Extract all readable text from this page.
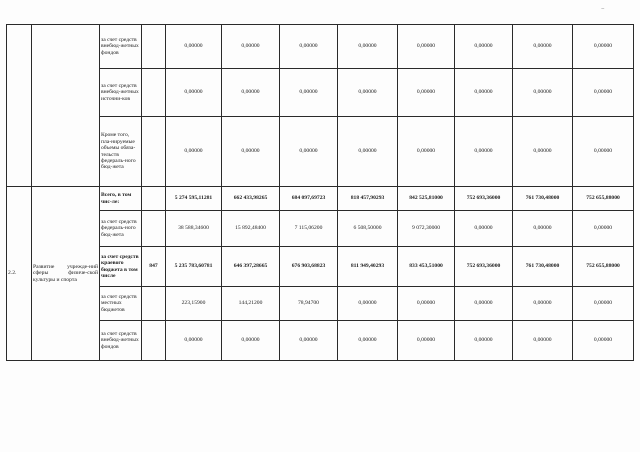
–
		за счет средств внебюд-жетных фондов		0,00000	0,00000	0,00000	0,00000	0,00000	0,00000	0,00000	0,00000
		за счет средств внебюд-жетных источни-ков		0,00000	0,00000	0,00000	0,00000	0,00000	0,00000	0,00000	0,00000
		Кроме того, пла-нируемые объемы обяза-тельств федераль-ного бюд-жета		0,00000	0,00000	0,00000	0,00000	0,00000	0,00000	0,00000	0,00000
2.2.	Развитие учрежде-ний сферы физиче-ской культуры и спорта	Всего, в том чис-ле:		5 274 595,11281	662 433,98265	684 097,69723	818 457,90293	842 525,81000	752 693,36000	761 730,48000	752 655,88000
		за счет средств федераль-ного бюд-жета		38 588,34600	15 892,48400	7 115,06200	6 508,50000	9 072,30000	0,00000	0,00000	0,00000
		за счет средств краевого бюджета в том числе	847	5 235 783,60781	646 397,28665	676 903,68823	811 949,40293	833 453,51000	752 693,36000	761 730,48000	752 655,88000
		за счет средств местных бюджетов		223,15900	144,21200	78,94700	0,00000	0,00000	0,00000	0,00000	0,00000
		за счет средств внебюд-жетных фондов		0,00000	0,00000	0,00000	0,00000	0,00000	0,00000	0,00000	0,00000
